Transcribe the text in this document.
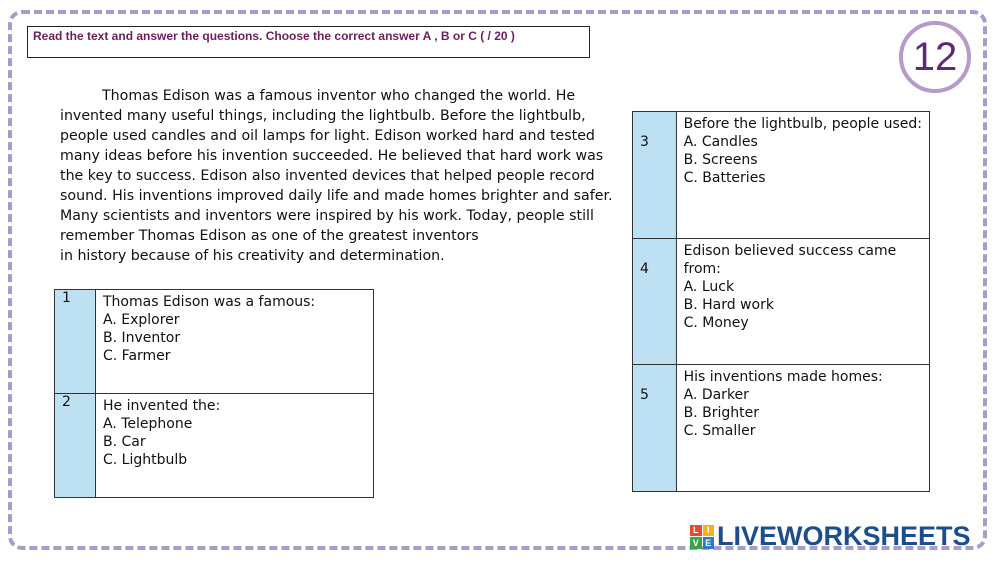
Read the text and answer the questions. Choose the correct answer A , B or C ( / 20 )	12
Thomas Edison was a famous inventor who changed the world. He
invented many useful things, including the lightbulb. Before the lightbulb,
people used candles and oil lamps for light. Edison worked hard and tested
many ideas before his invention succeeded. He believed that hard work was
the key to success. Edison also invented devices that helped people record
sound. His inventions improved daily life and made homes brighter and safer.
Many scientists and inventors were inspired by his work. Today, people still
remember Thomas Edison as one of the greatest inventors
in history because of his creativity and determination.
1	Thomas Edison was a famous:
A. Explorer
B. Inventor
C. Farmer

2	He invented the:
A. Telephone
B. Car
C. Lightbulb
3	Before the lightbulb, people used:
A. Candles
B. Screens
C. Batteries

4	Edison believed success came
from:
A. Luck
B. Hard work
C. Money

5	His inventions made homes:
A. Darker
B. Brighter
C. Smaller
L I
V E LIVEWORKSHEETS
